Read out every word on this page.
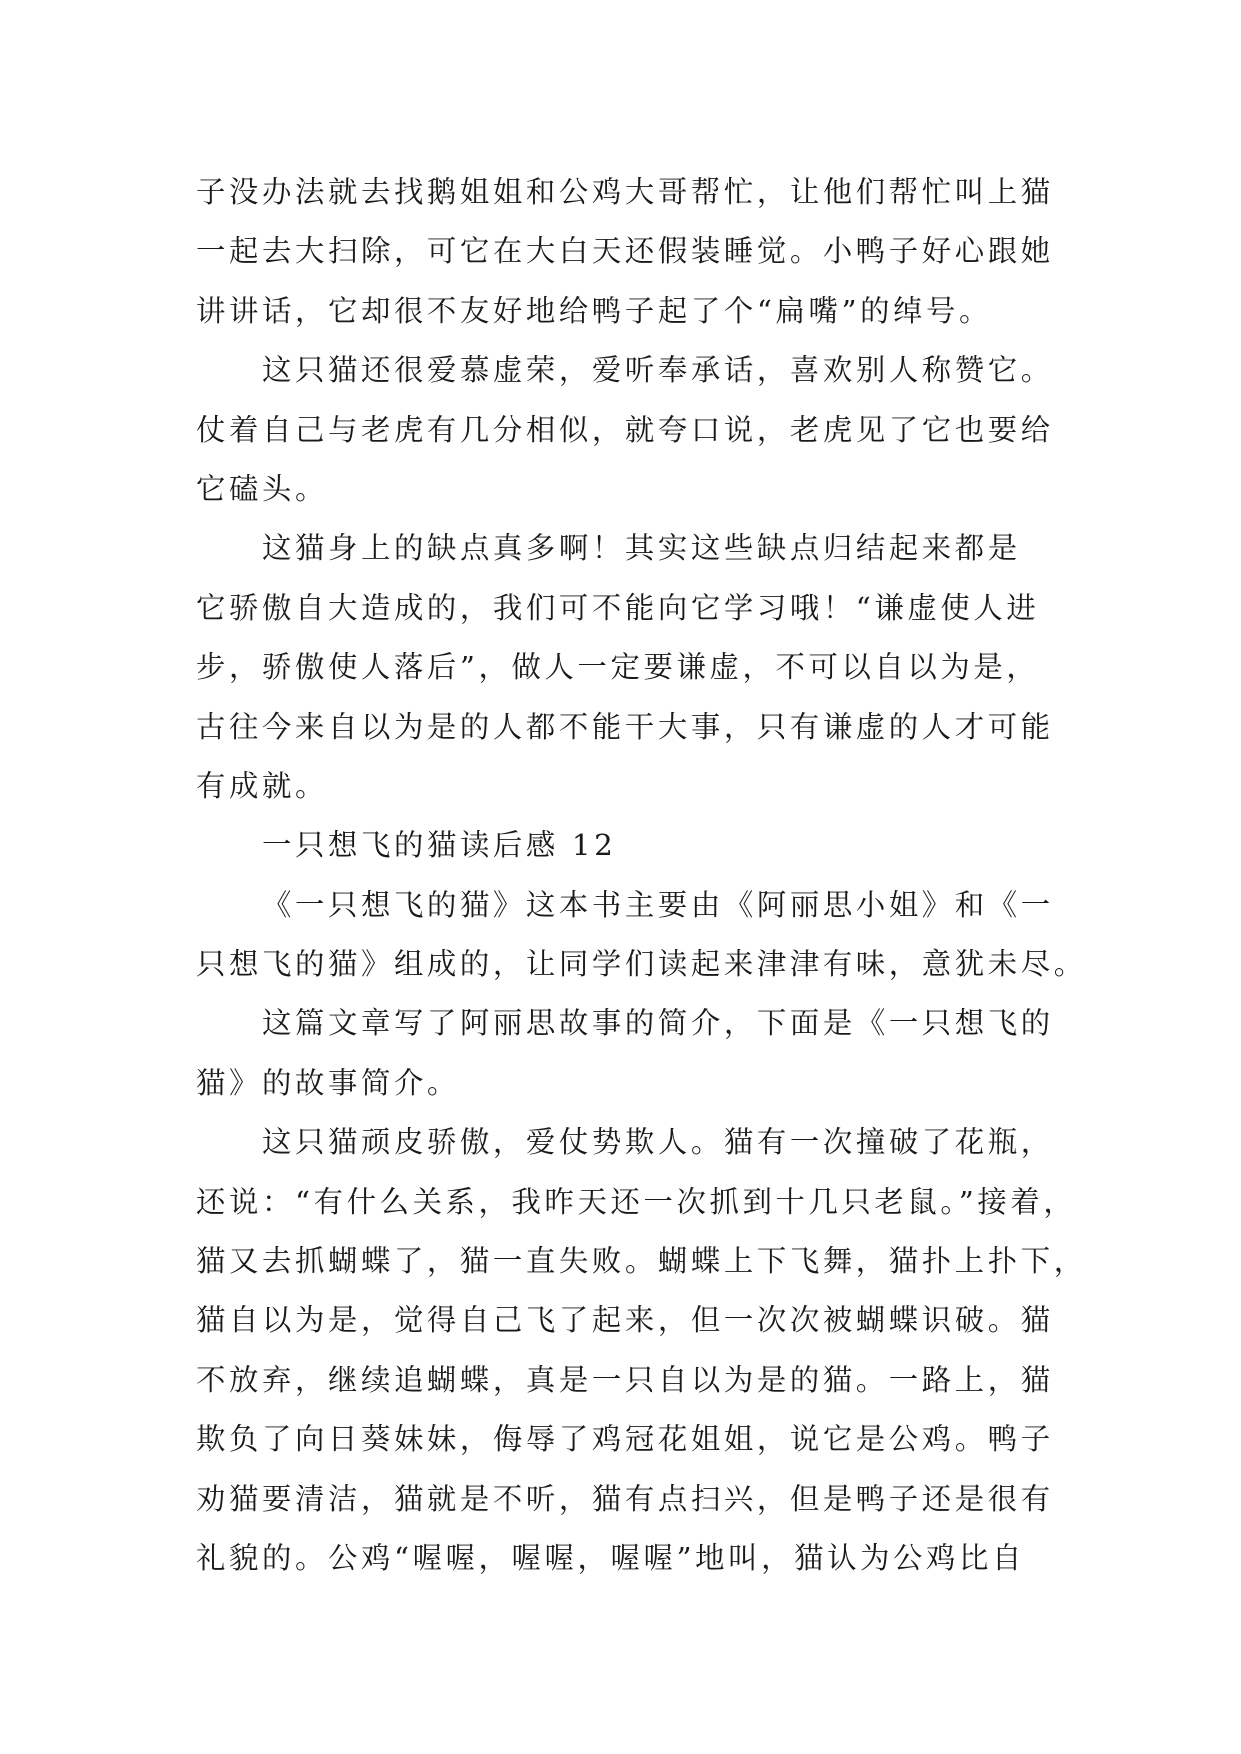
子没办法就去找鹅姐姐和公鸡大哥帮忙，让他们帮忙叫上猫
一起去大扫除，可它在大白天还假装睡觉。小鸭子好心跟她
讲讲话，它却很不友好地给鸭子起了个“扁嘴”的绰号。
这只猫还很爱慕虚荣，爱听奉承话，喜欢别人称赞它。
仗着自己与老虎有几分相似，就夸口说，老虎见了它也要给
它磕头。
这猫身上的缺点真多啊！其实这些缺点归结起来都是
它骄傲自大造成的，我们可不能向它学习哦！“谦虚使人进
步，骄傲使人落后”，做人一定要谦虚，不可以自以为是，
古往今来自以为是的人都不能干大事，只有谦虚的人才可能
有成就。
一只想飞的猫读后感 12
《一只想飞的猫》这本书主要由《阿丽思小姐》和《一
只想飞的猫》组成的，让同学们读起来津津有味，意犹未尽。
这篇文章写了阿丽思故事的简介，下面是《一只想飞的
猫》的故事简介。
这只猫顽皮骄傲，爱仗势欺人。猫有一次撞破了花瓶，
还说：“有什么关系，我昨天还一次抓到十几只老鼠。”接着，
猫又去抓蝴蝶了，猫一直失败。蝴蝶上下飞舞，猫扑上扑下，
猫自以为是，觉得自己飞了起来，但一次次被蝴蝶识破。猫
不放弃，继续追蝴蝶，真是一只自以为是的猫。一路上，猫
欺负了向日葵妹妹，侮辱了鸡冠花姐姐，说它是公鸡。鸭子
劝猫要清洁，猫就是不听，猫有点扫兴，但是鸭子还是很有
礼貌的。公鸡“喔喔，喔喔，喔喔”地叫，猫认为公鸡比自
